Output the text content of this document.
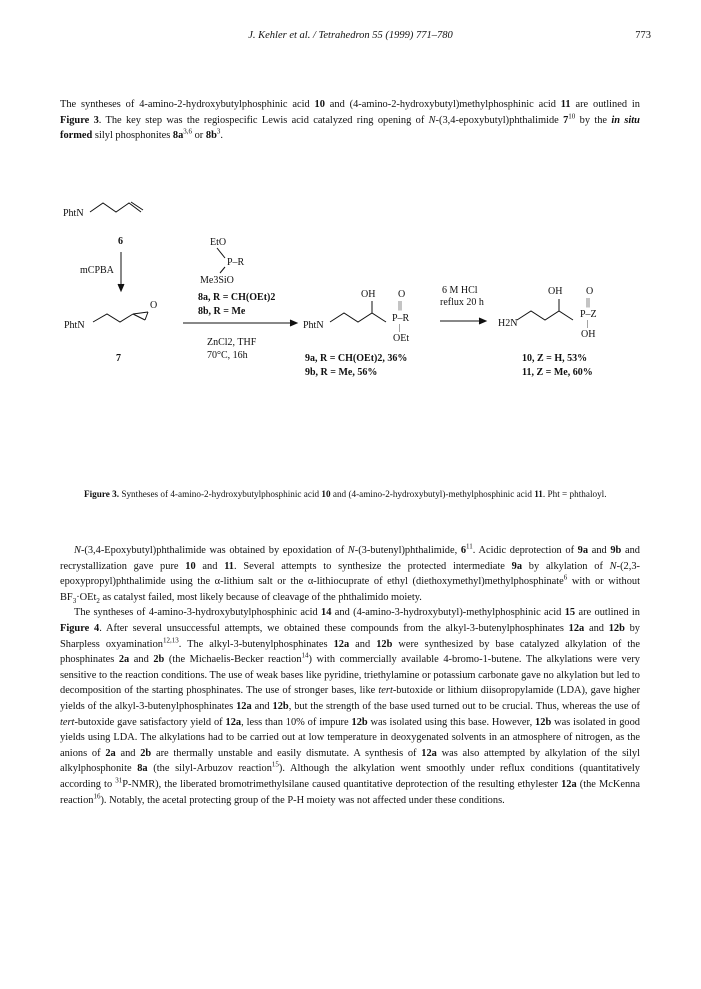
J. Kehler et al. / Tetrahedron 55 (1999) 771–780	773

The syntheses of 4-amino-2-hydroxybutylphosphinic acid 10 and (4-amino-2-hydroxybutyl)methylphosphinic acid 11 are outlined in Figure 3. The key step was the regiospecific Lewis acid catalyzed ring opening of N-(3,4-epoxybutyl)phthalimide $7^{10}$ by the in situ formed silyl phosphonites $8a^{3,6}$ or $8b^3$.

PhtN
6
mCPBA
PhtN
O
7
EtO
P–R
Me3SiO
8a, R = CH(OEt)2
8b, R = Me
ZnCl2, THF
70°C, 16h
PhtN
OH O
||
P–R
|
OEt
9a, R = CH(OEt)2, 36%
9b, R = Me, 56%
6 M HCl
reflux 20 h
H2N
OH O
||
P–Z
|
OH
10, Z = H, 53%
11, Z = Me, 60%
Figure 3. Syntheses of 4-amino-2-hydroxybutylphosphinic acid 10 and (4-amino-2-hydroxybutyl)-methylphosphinic acid 11. Pht = phthaloyl.

N-(3,4-Epoxybutyl)phthalimide was obtained by epoxidation of N-(3-butenyl)phthalimide, $6^{11}$. Acidic deprotection of 9a and 9b and recrystallization gave pure 10 and 11. Several attempts to synthesize the protected intermediate 9a by alkylation of N-(2,3-epoxypropyl)phthalimide using the α-lithium salt or the α-lithiocuprate of ethyl (diethoxymethyl)methylphosphinate$^6$ with or without $BF_3\cdot OEt_2$ as catalyst failed, most likely because of cleavage of the phthalimido moiety.

The syntheses of 4-amino-3-hydroxybutylphosphinic acid 14 and (4-amino-3-hydroxybutyl)-methylphosphinic acid 15 are outlined in Figure 4. After several unsuccessful attempts, we obtained these compounds from the alkyl-3-butenylphosphinates 12a and 12b by Sharpless oxyamination$^{12,13}$. The alkyl-3-butenylphosphinates 12a and 12b were synthesized by base catalyzed alkylation of the phosphinates 2a and 2b (the Michaelis-Becker reaction$^{14}$) with commercially available 4-bromo-1-butene. The alkylations were very sensitive to the reaction conditions. The use of weak bases like pyridine, triethylamine or potassium carbonate gave no alkylation but led to decomposition of the starting phosphinates. The use of stronger bases, like tert-butoxide or lithium diisopropylamide (LDA), gave higher yields of the alkyl-3-butenylphosphinates 12a and 12b, but the strength of the base used turned out to be crucial. Thus, whereas the use of tert-butoxide gave satisfactory yield of 12a, less than 10% of impure 12b was isolated using this base. However, 12b was isolated in good yields using LDA. The alkylations had to be carried out at low temperature in deoxygenated solvents in an atmosphere of nitrogen, as the anions of 2a and 2b are thermally unstable and easily dismutate. A synthesis of 12a was also attempted by alkylation of the silyl alkylphosphonite 8a (the silyl-Arbuzov reaction$^{15}$). Although the alkylation went smoothly under reflux conditions (quantitatively according to $^{31}$P-NMR), the liberated bromotrimethylsilane caused quantitative deprotection of the resulting ethylester 12a (the McKenna reaction$^{16}$). Notably, the acetal protecting group of the P-H moiety was not affected under these conditions.
